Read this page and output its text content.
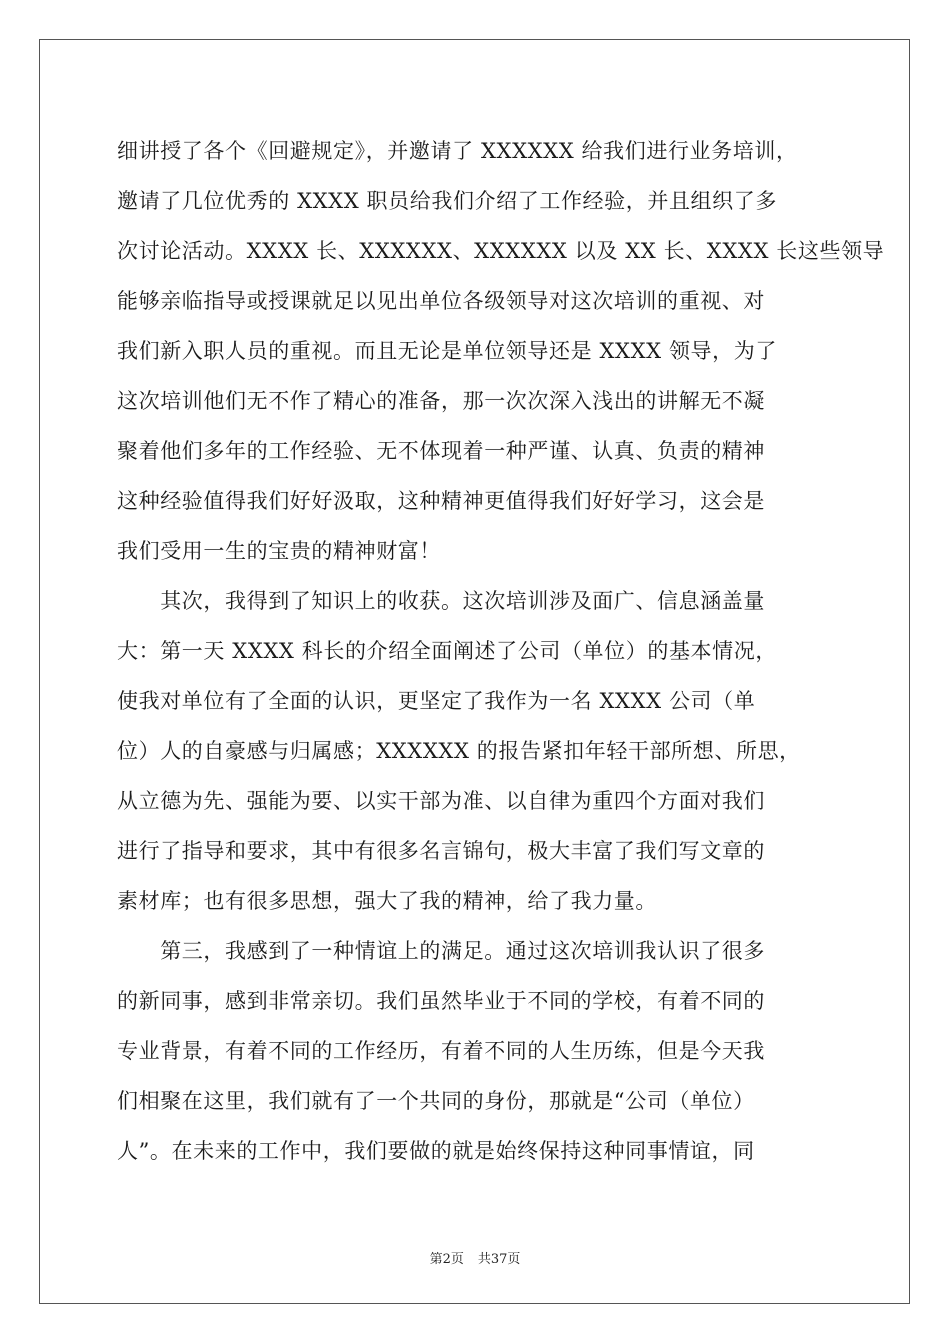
细讲授了各个《回避规定》，并邀请了 XXXXXX 给我们进行业务培训，
邀请了几位优秀的 XXXX 职员给我们介绍了工作经验，并且组织了多
次讨论活动。XXXX 长、XXXXXX、XXXXXX 以及 XX 长、XXXX 长这些领导
能够亲临指导或授课就足以见出单位各级领导对这次培训的重视、对
我们新入职人员的重视。而且无论是单位领导还是 XXXX 领导，为了
这次培训他们无不作了精心的准备，那一次次深入浅出的讲解无不凝
聚着他们多年的工作经验、无不体现着一种严谨、认真、负责的精神
这种经验值得我们好好汲取，这种精神更值得我们好好学习，这会是
我们受用一生的宝贵的精神财富！
　　其次，我得到了知识上的收获。这次培训涉及面广、信息涵盖量
大：第一天 XXXX 科长的介绍全面阐述了公司（单位）的基本情况，
使我对单位有了全面的认识，更坚定了我作为一名 XXXX 公司（单
位）人的自豪感与归属感；XXXXXX 的报告紧扣年轻干部所想、所思，
从立德为先、强能为要、以实干部为准、以自律为重四个方面对我们
进行了指导和要求，其中有很多名言锦句，极大丰富了我们写文章的
素材库；也有很多思想，强大了我的精神，给了我力量。
　　第三，我感到了一种情谊上的满足。通过这次培训我认识了很多
的新同事，感到非常亲切。我们虽然毕业于不同的学校，有着不同的
专业背景，有着不同的工作经历，有着不同的人生历练，但是今天我
们相聚在这里，我们就有了一个共同的身份，那就是“公司（单位）
人”。在未来的工作中，我们要做的就是始终保持这种同事情谊，同
第2页 共37页
